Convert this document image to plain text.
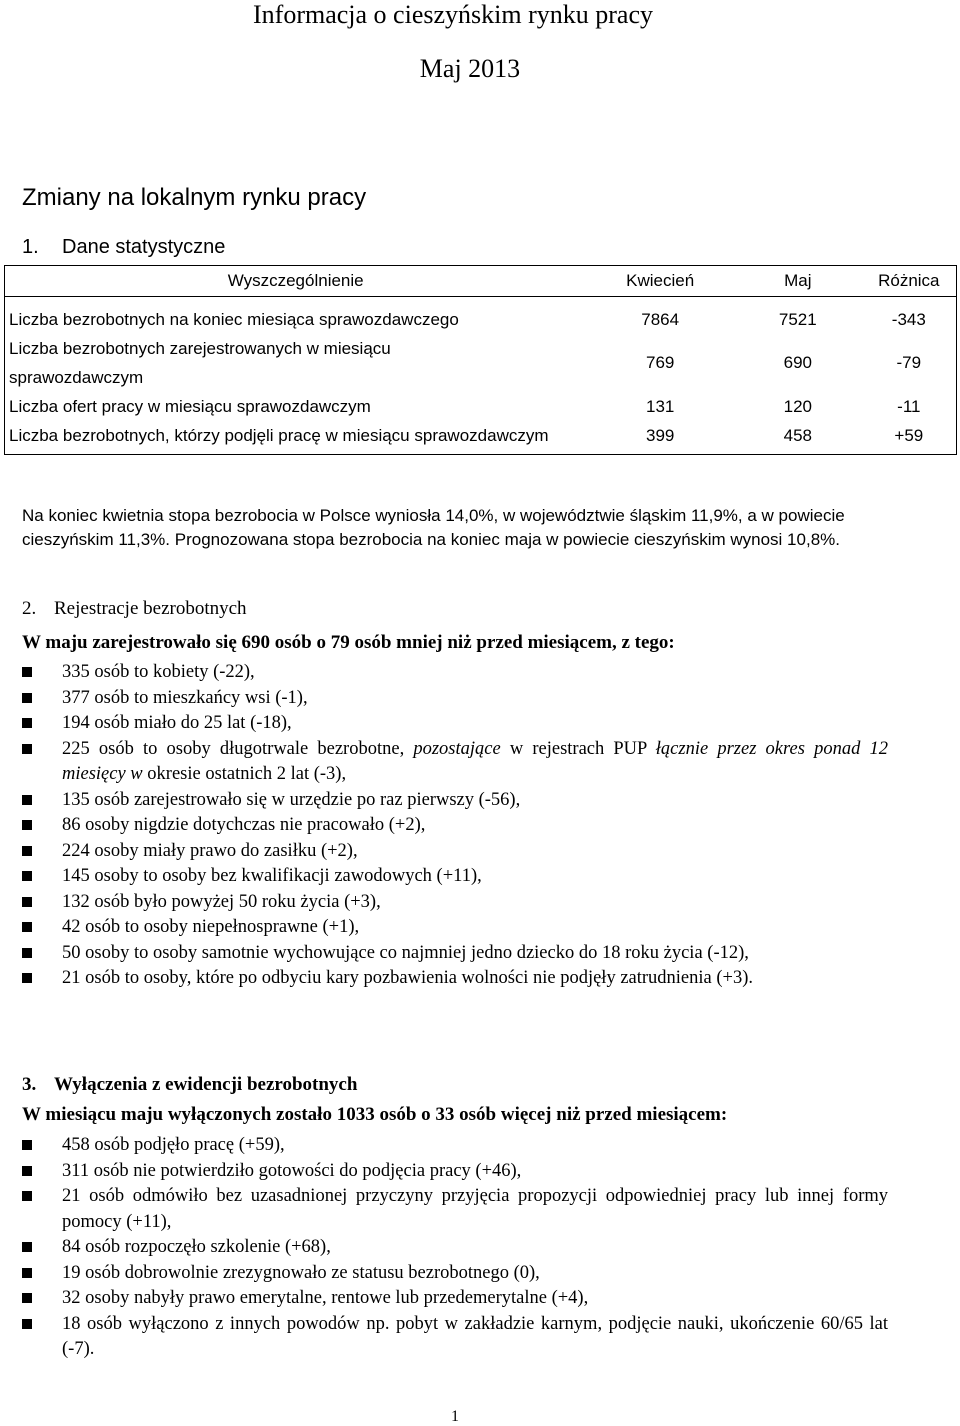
Informacja o cieszyńskim rynku pracy
Maj 2013
Zmiany na lokalnym rynku pracy
1. Dane statystyczne
Wyszczególnienie	Kwiecień	Maj	Różnica
Liczba bezrobotnych na koniec miesiąca sprawozdawczego	7864	7521	-343

Liczba bezrobotnych zarejestrowanych w miesiącu sprawozdawczym	769	690	-79
Liczba ofert pracy w miesiącu sprawozdawczym	131	120	-11

Liczba bezrobotnych, którzy podjęli pracę w miesiącu sprawozdawczym	399	458	+59
Na koniec kwietnia stopa bezrobocia w Polsce wyniosła 14,0%, w województwie śląskim 11,9%, a w powiecie cieszyńskim 11,3%. Prognozowana stopa bezrobocia na koniec maja w powiecie cieszyńskim wynosi 10,8%.
2. Rejestracje bezrobotnych
W maju zarejestrowało się 690 osób o 79 osób mniej niż przed miesiącem, z tego:
335 osób to kobiety (-22),
377 osób to mieszkańcy wsi (-1),
194 osób miało do 25 lat (-18),
225 osób to osoby długotrwale bezrobotne, pozostające w rejestrach PUP łącznie przez okres ponad 12 miesięcy w okresie ostatnich 2 lat (-3),
135 osób zarejestrowało się w urzędzie po raz pierwszy (-56),
86 osoby nigdzie dotychczas nie pracowało (+2),
224 osoby miały prawo do zasiłku (+2),
145 osoby to osoby bez kwalifikacji zawodowych (+11),
132 osób było powyżej 50 roku życia (+3),
42 osób to osoby niepełnosprawne (+1),
50 osoby to osoby samotnie wychowujące co najmniej jedno dziecko do 18 roku życia (-12),
21 osób to osoby, które po odbyciu kary pozbawienia wolności nie podjęły zatrudnienia (+3).
3. Wyłączenia z ewidencji bezrobotnych
W miesiącu maju wyłączonych zostało 1033 osób o 33 osób więcej niż przed miesiącem:
458 osób podjęło pracę (+59),
311 osób nie potwierdziło gotowości do podjęcia pracy (+46),
21 osób odmówiło bez uzasadnionej przyczyny przyjęcia propozycji odpowiedniej pracy lub innej formy pomocy (+11),
84 osób rozpoczęło szkolenie (+68),
19 osób dobrowolnie zrezygnowało ze statusu bezrobotnego (0),
32 osoby nabyły prawo emerytalne, rentowe lub przedemerytalne (+4),
18 osób wyłączono z innych powodów np. pobyt w zakładzie karnym, podjęcie nauki, ukończenie 60/65 lat (-7).
1
